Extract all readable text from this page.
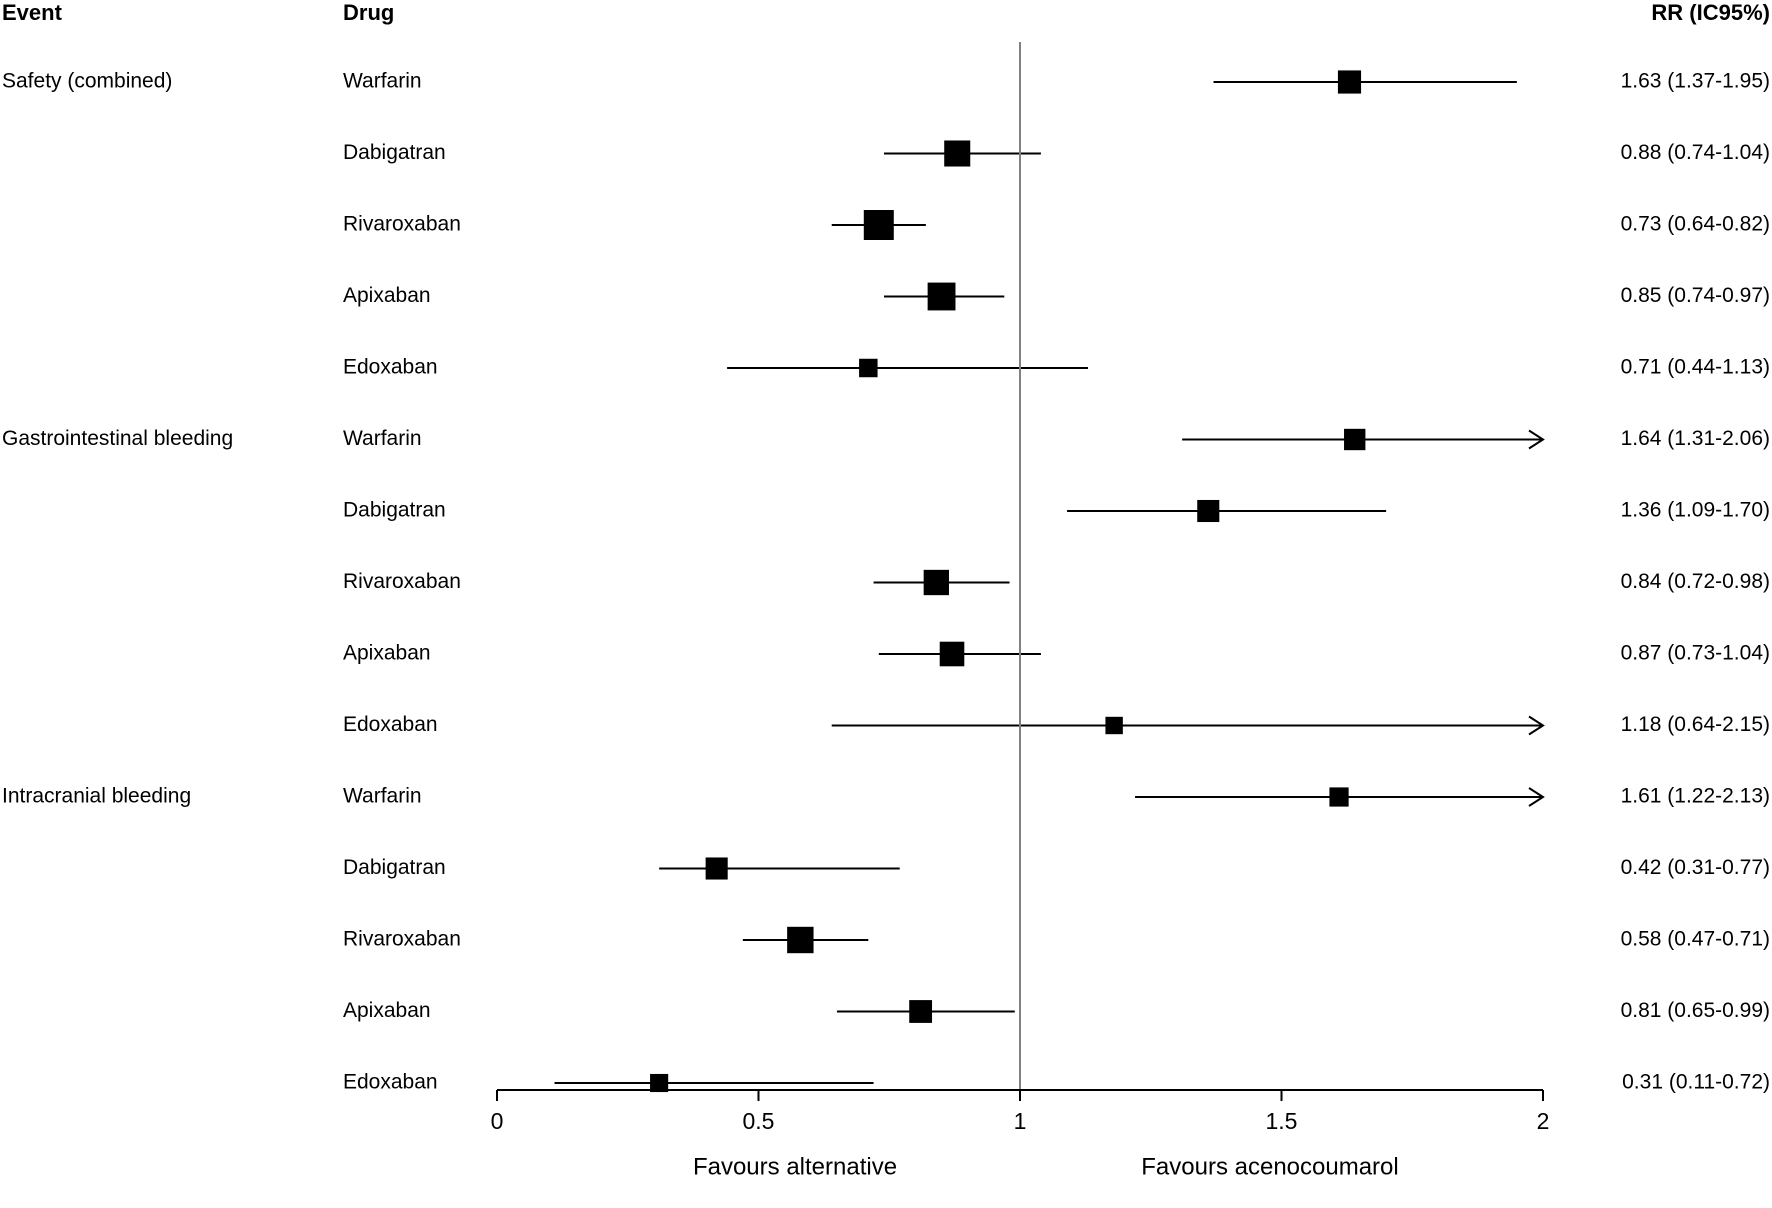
Event	Drug	RR (IC95%)
Safety (combined)	Warfarin	1.63 (1.37-1.95)
Dabigatran	0.88 (0.74-1.04)
Rivaroxaban	0.73 (0.64-0.82)
Apixaban	0.85 (0.74-0.97)
Edoxaban	0.71 (0.44-1.13)
Gastrointestinal bleeding	Warfarin	1.64 (1.31-2.06)
Dabigatran	1.36 (1.09-1.70)
Rivaroxaban	0.84 (0.72-0.98)
Apixaban	0.87 (0.73-1.04)
Edoxaban	1.18 (0.64-2.15)
Intracranial bleeding	Warfarin	1.61 (1.22-2.13)
Dabigatran	0.42 (0.31-0.77)
Rivaroxaban	0.58 (0.47-0.71)
Apixaban	0.81 (0.65-0.99)
Edoxaban	0.31 (0.11-0.72)
0	0.5	1	1.5	2
Favours alternative	Favours acenocoumarol
